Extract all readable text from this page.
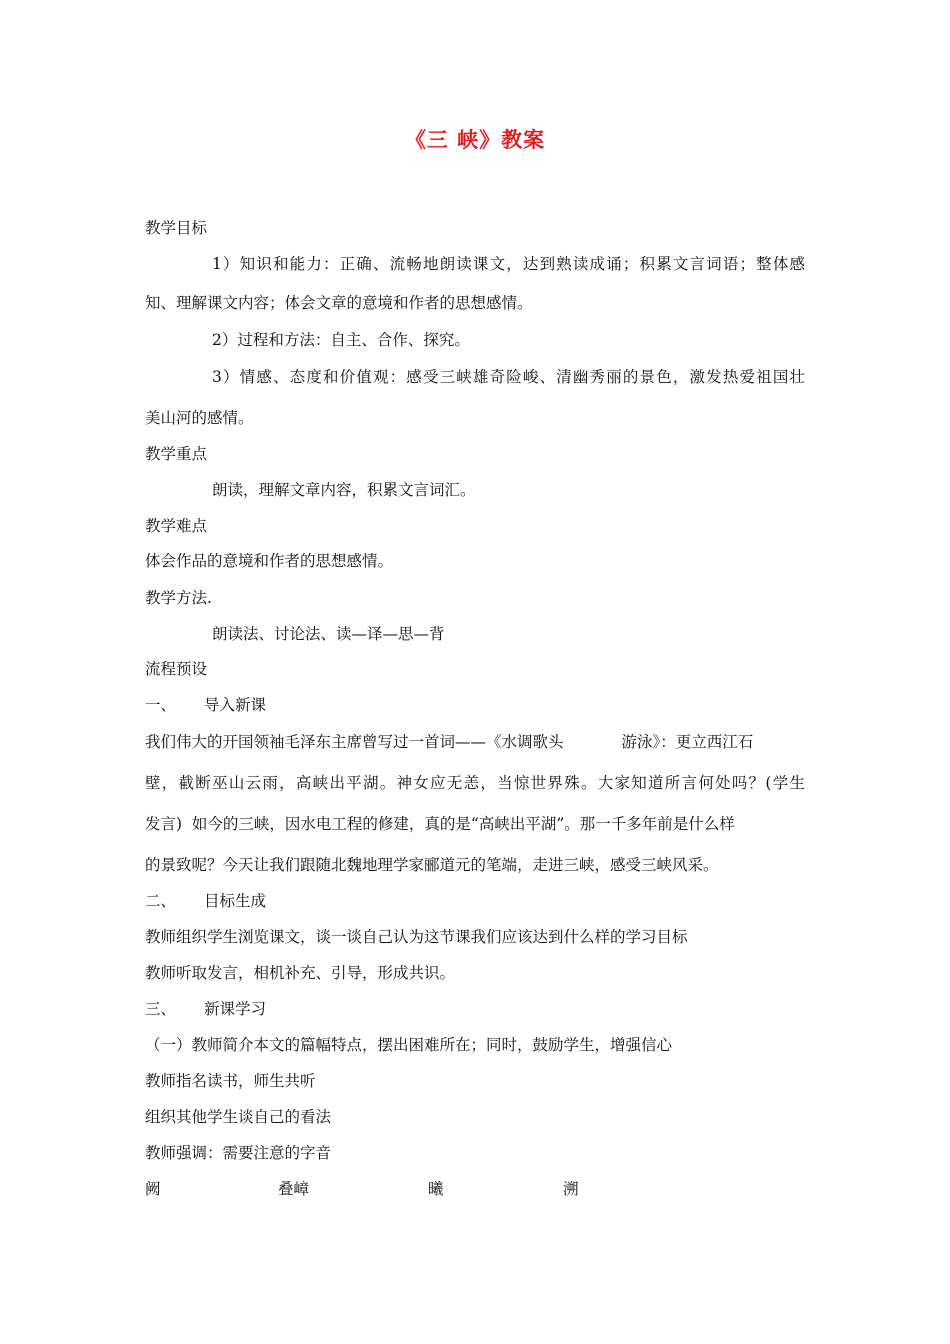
《三 峡》教案
教学目标
1）知识和能力：正确、流畅地朗读课文，达到熟读成诵；积累文言词语；整体感
知、理解课文内容；体会文章的意境和作者的思想感情。
2）过程和方法：自主、合作、探究。
3）情感、态度和价值观：感受三峡雄奇险峻、清幽秀丽的景色，激发热爱祖国壮
美山河的感情。
教学重点
朗读，理解文章内容，积累文言词汇。
教学难点
体会作品的意境和作者的思想感情。
教学方法.
朗读法、讨论法、读—译—思—背
流程预设
一、 导入新课
我们伟大的开国领袖毛泽东主席曾写过一首词——《水调歌头	游泳》：更立西江石
壁，截断巫山云雨，高峡出平湖。神女应无恙，当惊世界殊。大家知道所言何处吗？(学生
发言)  如今的三峡，因水电工程的修建，真的是“高峡出平湖”。那一千多年前是什么样
的景致呢？今天让我们跟随北魏地理学家郦道元的笔端，走进三峡，感受三峡风采。
二、 目标生成
教师组织学生浏览课文，谈一谈自己认为这节课我们应该达到什么样的学习目标
教师听取发言，相机补充、引导，形成共识。
三、 新课学习
（一）教师简介本文的篇幅特点，摆出困难所在；同时，鼓励学生，增强信心
教师指名读书，师生共听
组织其他学生谈自己的看法
教师强调：需要注意的字音
阙	叠嶂	曦	溯
